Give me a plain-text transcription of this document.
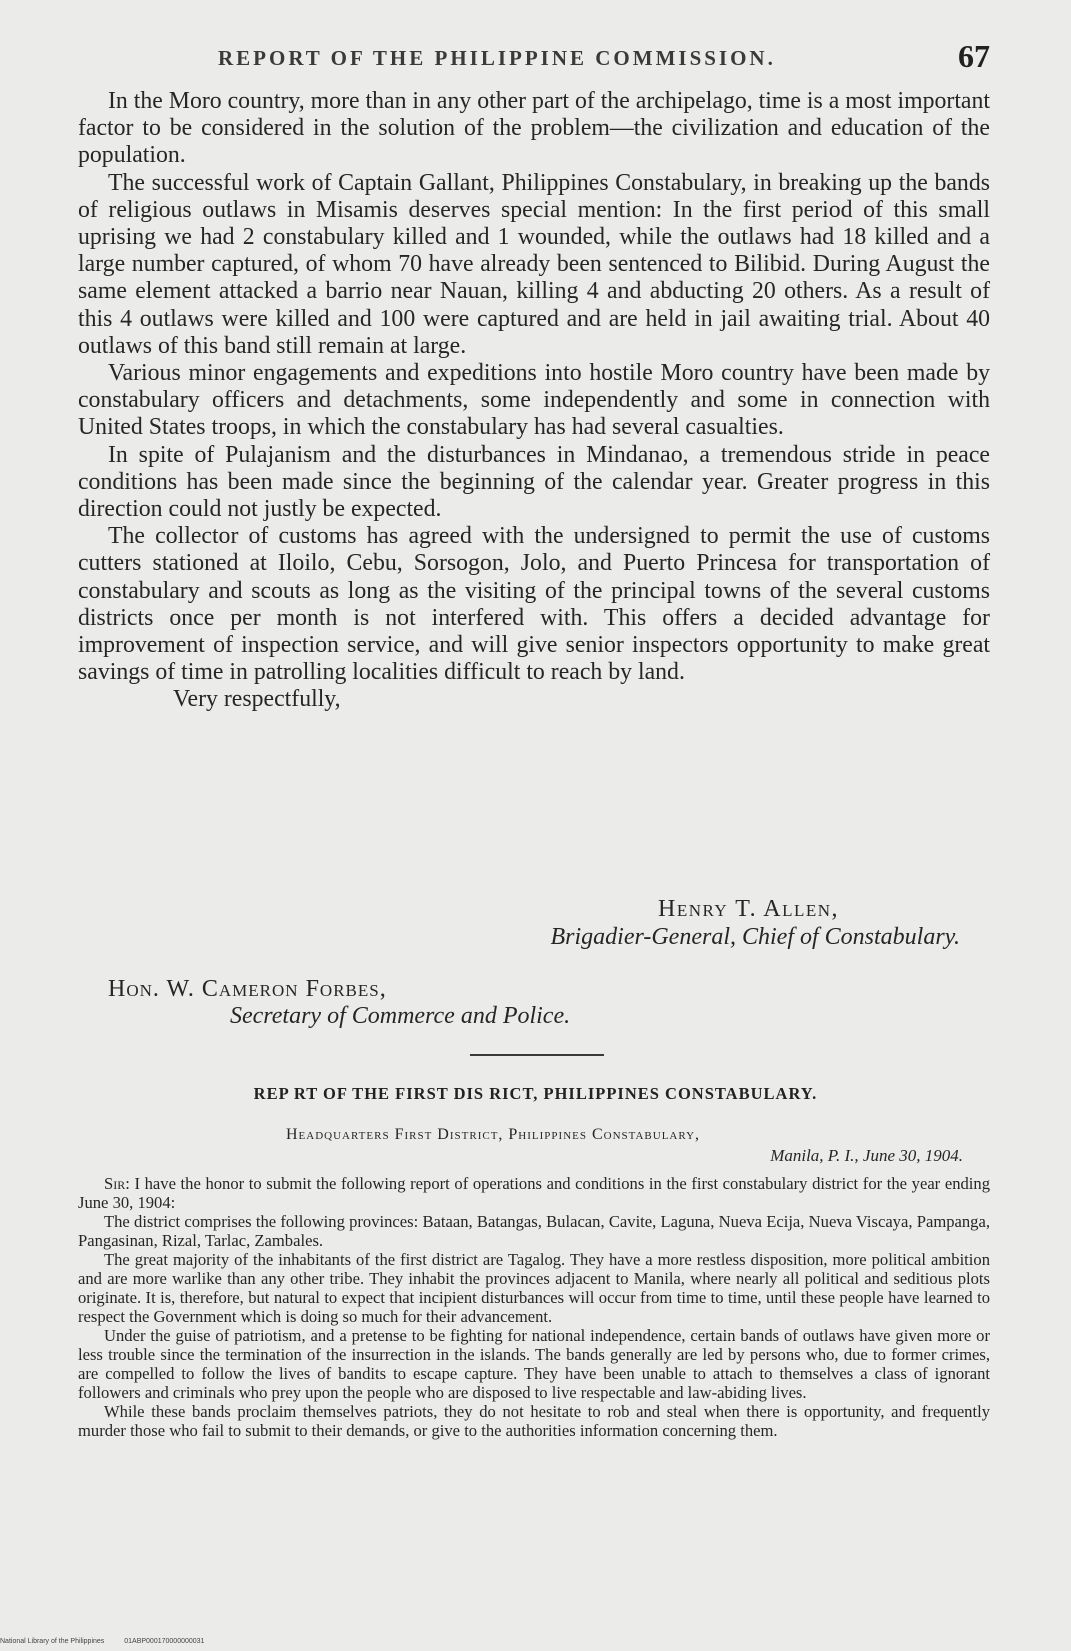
REPORT OF THE PHILIPPINE COMMISSION.	67

In the Moro country, more than in any other part of the archipelago, time is a most important factor to be considered in the solution of the problem—the civilization and education of the population.

The successful work of Captain Gallant, Philippines Constabulary, in breaking up the bands of religious outlaws in Misamis deserves special mention: In the first period of this small uprising we had 2 constabulary killed and 1 wounded, while the outlaws had 18 killed and a large number captured, of whom 70 have already been sentenced to Bilibid. During August the same element attacked a barrio near Nauan, killing 4 and abducting 20 others. As a result of this 4 outlaws were killed and 100 were captured and are held in jail awaiting trial. About 40 outlaws of this band still remain at large.

Various minor engagements and expeditions into hostile Moro country have been made by constabulary officers and detachments, some independently and some in connection with United States troops, in which the constabulary has had several casualties.

In spite of Pulajanism and the disturbances in Mindanao, a tremendous stride in peace conditions has been made since the beginning of the calendar year. Greater progress in this direction could not justly be expected.

The collector of customs has agreed with the undersigned to permit the use of customs cutters stationed at Iloilo, Cebu, Sorsogon, Jolo, and Puerto Princesa for transportation of constabulary and scouts as long as the visiting of the principal towns of the several customs districts once per month is not interfered with. This offers a decided advantage for improvement of inspection service, and will give senior inspectors opportunity to make great savings of time in patrolling localities difficult to reach by land.

Very respectfully,

Henry T. Allen,
Brigadier-General, Chief of Constabulary.
Hon. W. Cameron Forbes,
Secretary of Commerce and Police.
REP RT OF THE FIRST DIS RICT, PHILIPPINES CONSTABULARY.
Headquarters First District, Philippines Constabulary,
Manila, P. I., June 30, 1904.

Sir: I have the honor to submit the following report of operations and conditions in the first constabulary district for the year ending June 30, 1904:

The district comprises the following provinces: Bataan, Batangas, Bulacan, Cavite, Laguna, Nueva Ecija, Nueva Viscaya, Pampanga, Pangasinan, Rizal, Tarlac, Zambales.

The great majority of the inhabitants of the first district are Tagalog. They have a more restless disposition, more political ambition and are more warlike than any other tribe. They inhabit the provinces adjacent to Manila, where nearly all political and seditious plots originate. It is, therefore, but natural to expect that incipient disturbances will occur from time to time, until these people have learned to respect the Government which is doing so much for their advancement.

Under the guise of patriotism, and a pretense to be fighting for national independence, certain bands of outlaws have given more or less trouble since the termination of the insurrection in the islands. The bands generally are led by persons who, due to former crimes, are compelled to follow the lives of bandits to escape capture. They have been unable to attach to themselves a class of ignorant followers and criminals who prey upon the people who are disposed to live respectable and law-abiding lives.

While these bands proclaim themselves patriots, they do not hesitate to rob and steal when there is opportunity, and frequently murder those who fail to submit to their demands, or give to the authorities information concerning them.

National Library of the Philippines	01ABP000170000000031
